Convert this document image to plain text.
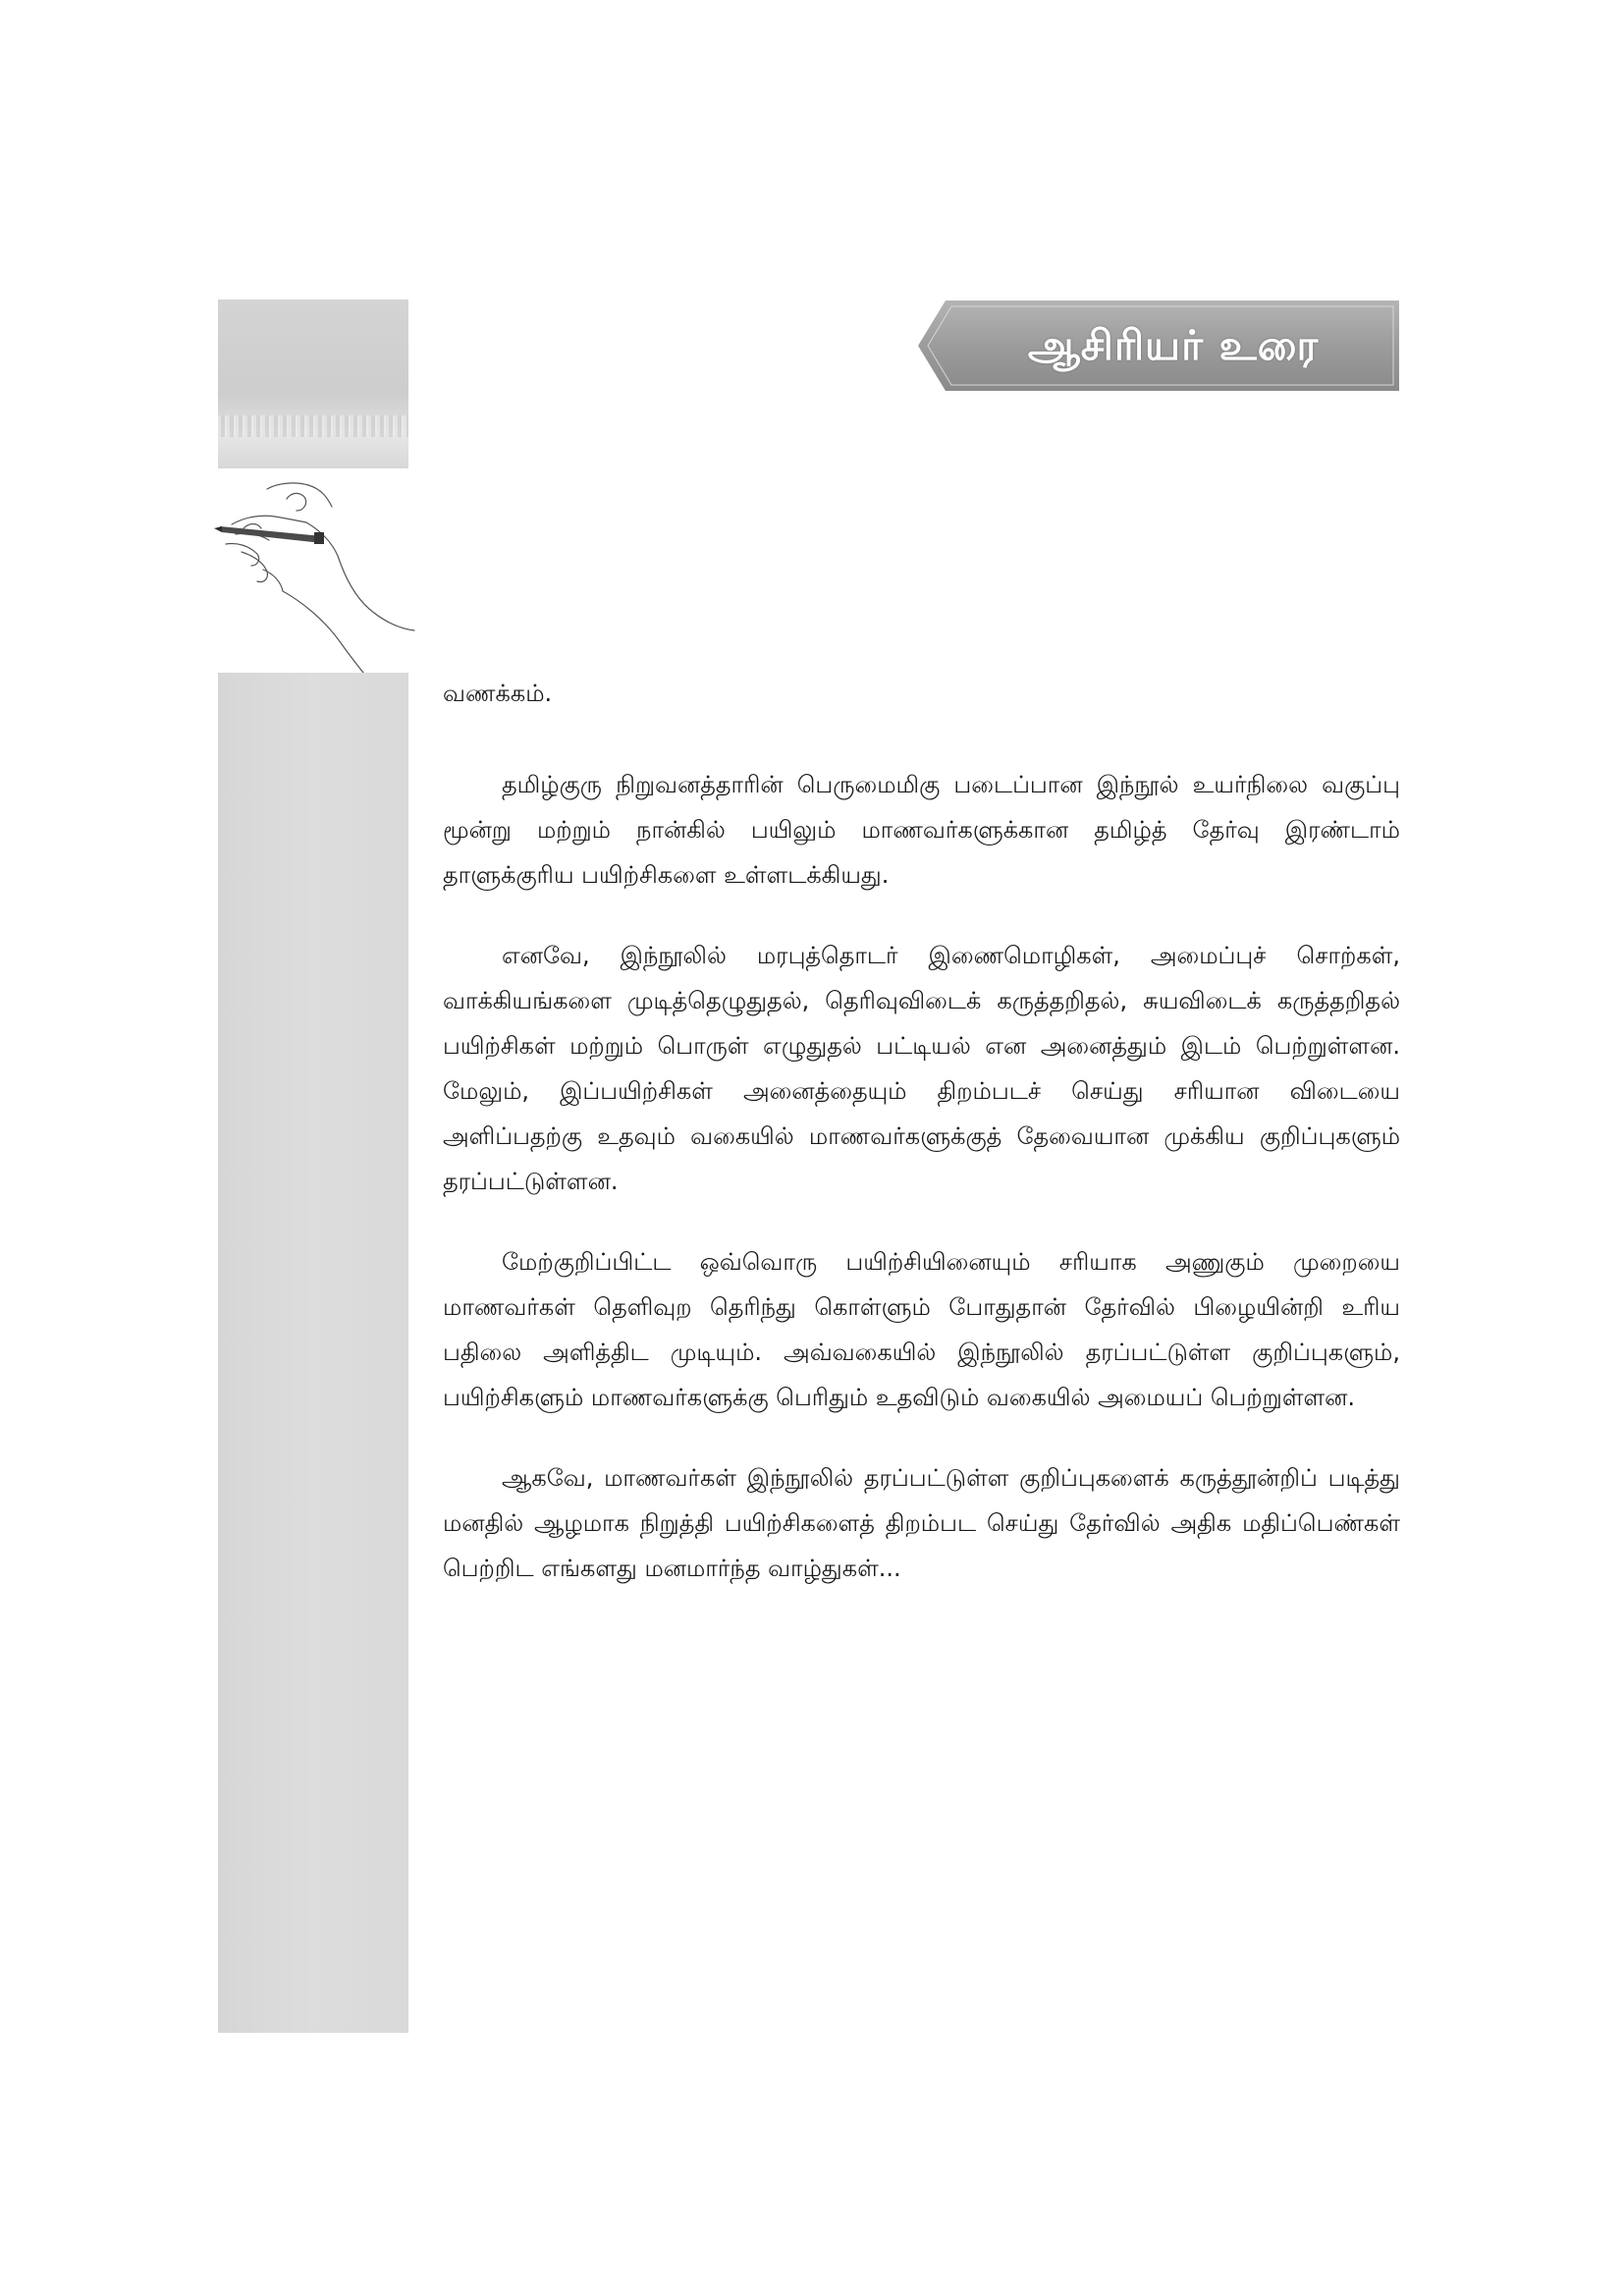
ஆசிரியர் உரை

வணக்கம்.

தமிழ்குரு நிறுவனத்தாரின் பெருமைமிகு படைப்பான இந்நூல் உயர்நிலை வகுப்பு மூன்று மற்றும் நான்கில் பயிலும் மாணவர்களுக்கான தமிழ்த் தேர்வு இரண்டாம் தாளுக்குரிய பயிற்சிகளை உள்ளடக்கியது.

எனவே, இந்நூலில் மரபுத்தொடர் இணைமொழிகள், அமைப்புச் சொற்கள், வாக்கியங்களை முடித்தெழுதுதல், தெரிவுவிடைக் கருத்தறிதல், சுயவிடைக் கருத்தறிதல் பயிற்சிகள் மற்றும் பொருள் எழுதுதல் பட்டியல் என அனைத்தும் இடம் பெற்றுள்ளன. மேலும், இப்பயிற்சிகள் அனைத்தையும் திறம்படச் செய்து சரியான விடையை அளிப்பதற்கு உதவும் வகையில் மாணவர்களுக்குத் தேவையான முக்கிய குறிப்புகளும் தரப்பட்டுள்ளன.

மேற்குறிப்பிட்ட ஒவ்வொரு பயிற்சியினையும் சரியாக அணுகும் முறையை மாணவர்கள் தெளிவுற தெரிந்து கொள்ளும் போதுதான் தேர்வில் பிழையின்றி உரிய பதிலை அளித்திட முடியும். அவ்வகையில் இந்நூலில் தரப்பட்டுள்ள குறிப்புகளும், பயிற்சிகளும் மாணவர்களுக்கு பெரிதும் உதவிடும் வகையில் அமையப் பெற்றுள்ளன.

ஆகவே, மாணவர்கள் இந்நூலில் தரப்பட்டுள்ள குறிப்புகளைக் கருத்தூன்றிப் படித்து மனதில் ஆழமாக நிறுத்தி பயிற்சிகளைத் திறம்பட செய்து தேர்வில் அதிக மதிப்பெண்கள் பெற்றிட எங்களது மனமார்ந்த வாழ்துகள்...
